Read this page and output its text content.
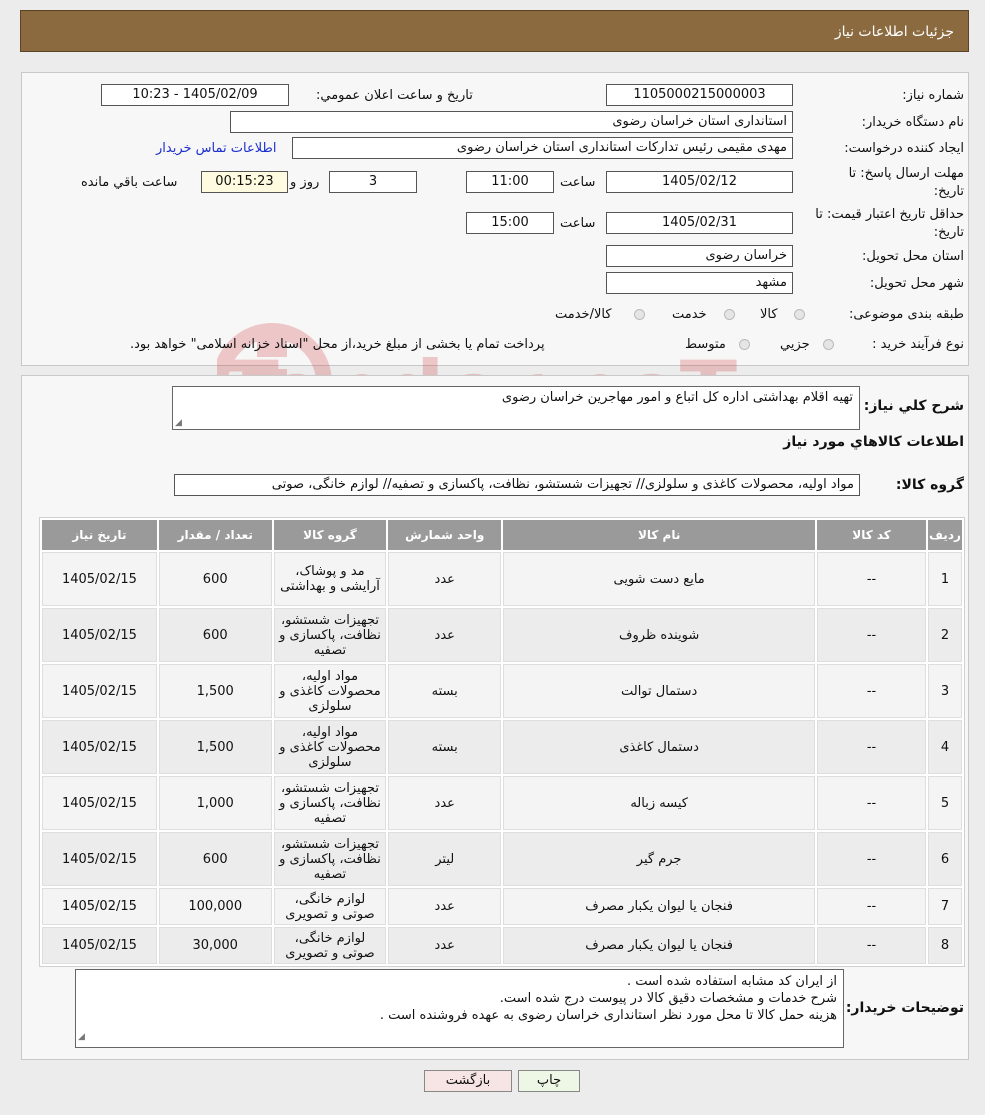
جزئیات اطلاعات نیاز
شماره نیاز:
1105000215000003
تاریخ و ساعت اعلان عمومي:
1405/02/09 - 10:23
نام دستگاه خريدار:
استانداری استان خراسان رضوی
ايجاد کننده درخواست:
مهدی مقیمی رئیس تدارکات استانداری استان خراسان رضوی
اطلاعات تماس خريدار
مهلت ارسال پاسخ: تا
تاریخ:
1405/02/12
ساعت
11:00
3
روز و
00:15:23
ساعت باقي مانده
حداقل تاريخ اعتبار قيمت: تا
تاريخ:
1405/02/31
ساعت
15:00
استان محل تحويل:
خراسان رضوی
شهر محل تحويل:
مشهد
طبقه بندی موضوعی:
کالا
خدمت
کالا/خدمت
نوع فرآيند خريد :
جزيي
متوسط
پرداخت تمام يا بخشی از مبلغ خريد،از محل "اسناد خزانه اسلامی" خواهد بود.
شرح کلي نياز:
تهیه اقلام بهداشتی اداره کل اتباع و امور مهاجرین خراسان رضوی
◢
اطلاعات کالاهاي مورد نياز
گروه کالا:
مواد اولیه، محصولات کاغذی و سلولزی// تجهیزات شستشو، نظافت، پاکسازی و تصفیه// لوازم خانگی، صوتی
رديف	کد کالا	نام کالا	واحد شمارش	گروه کالا	تعداد / مقدار	تاريخ نياز
1	--	مایع دست شویی	عدد	مد و پوشاک، آرایشی و بهداشتی	600	1405/02/15
2	--	شوینده ظروف	عدد	تجهیزات شستشو، نظافت، پاکسازی و تصفیه	600	1405/02/15
3	--	دستمال توالت	بسته	مواد اولیه، محصولات کاغذی و سلولزی	1,500	1405/02/15
4	--	دستمال کاغذی	بسته	مواد اولیه، محصولات کاغذی و سلولزی	1,500	1405/02/15
5	--	کیسه زباله	عدد	تجهیزات شستشو، نظافت، پاکسازی و تصفیه	1,000	1405/02/15
6	--	جرم گیر	لیتر	تجهیزات شستشو، نظافت، پاکسازی و تصفیه	600	1405/02/15
7	--	فنجان یا لیوان یکبار مصرف	عدد	لوازم خانگی، صوتی و تصویری	100,000	1405/02/15
8	--	فنجان یا لیوان یکبار مصرف	عدد	لوازم خانگی، صوتی و تصویری	30,000	1405/02/15
توضيحات خريدار:
از ایران کد مشابه استفاده شده است .
شرح خدمات و مشخصات دقیق کالا در پیوست درج شده است.
هزینه حمل کالا تا محل مورد نظر استانداری خراسان رضوی به عهده فروشنده است .
◢
چاپ
بازگشت
